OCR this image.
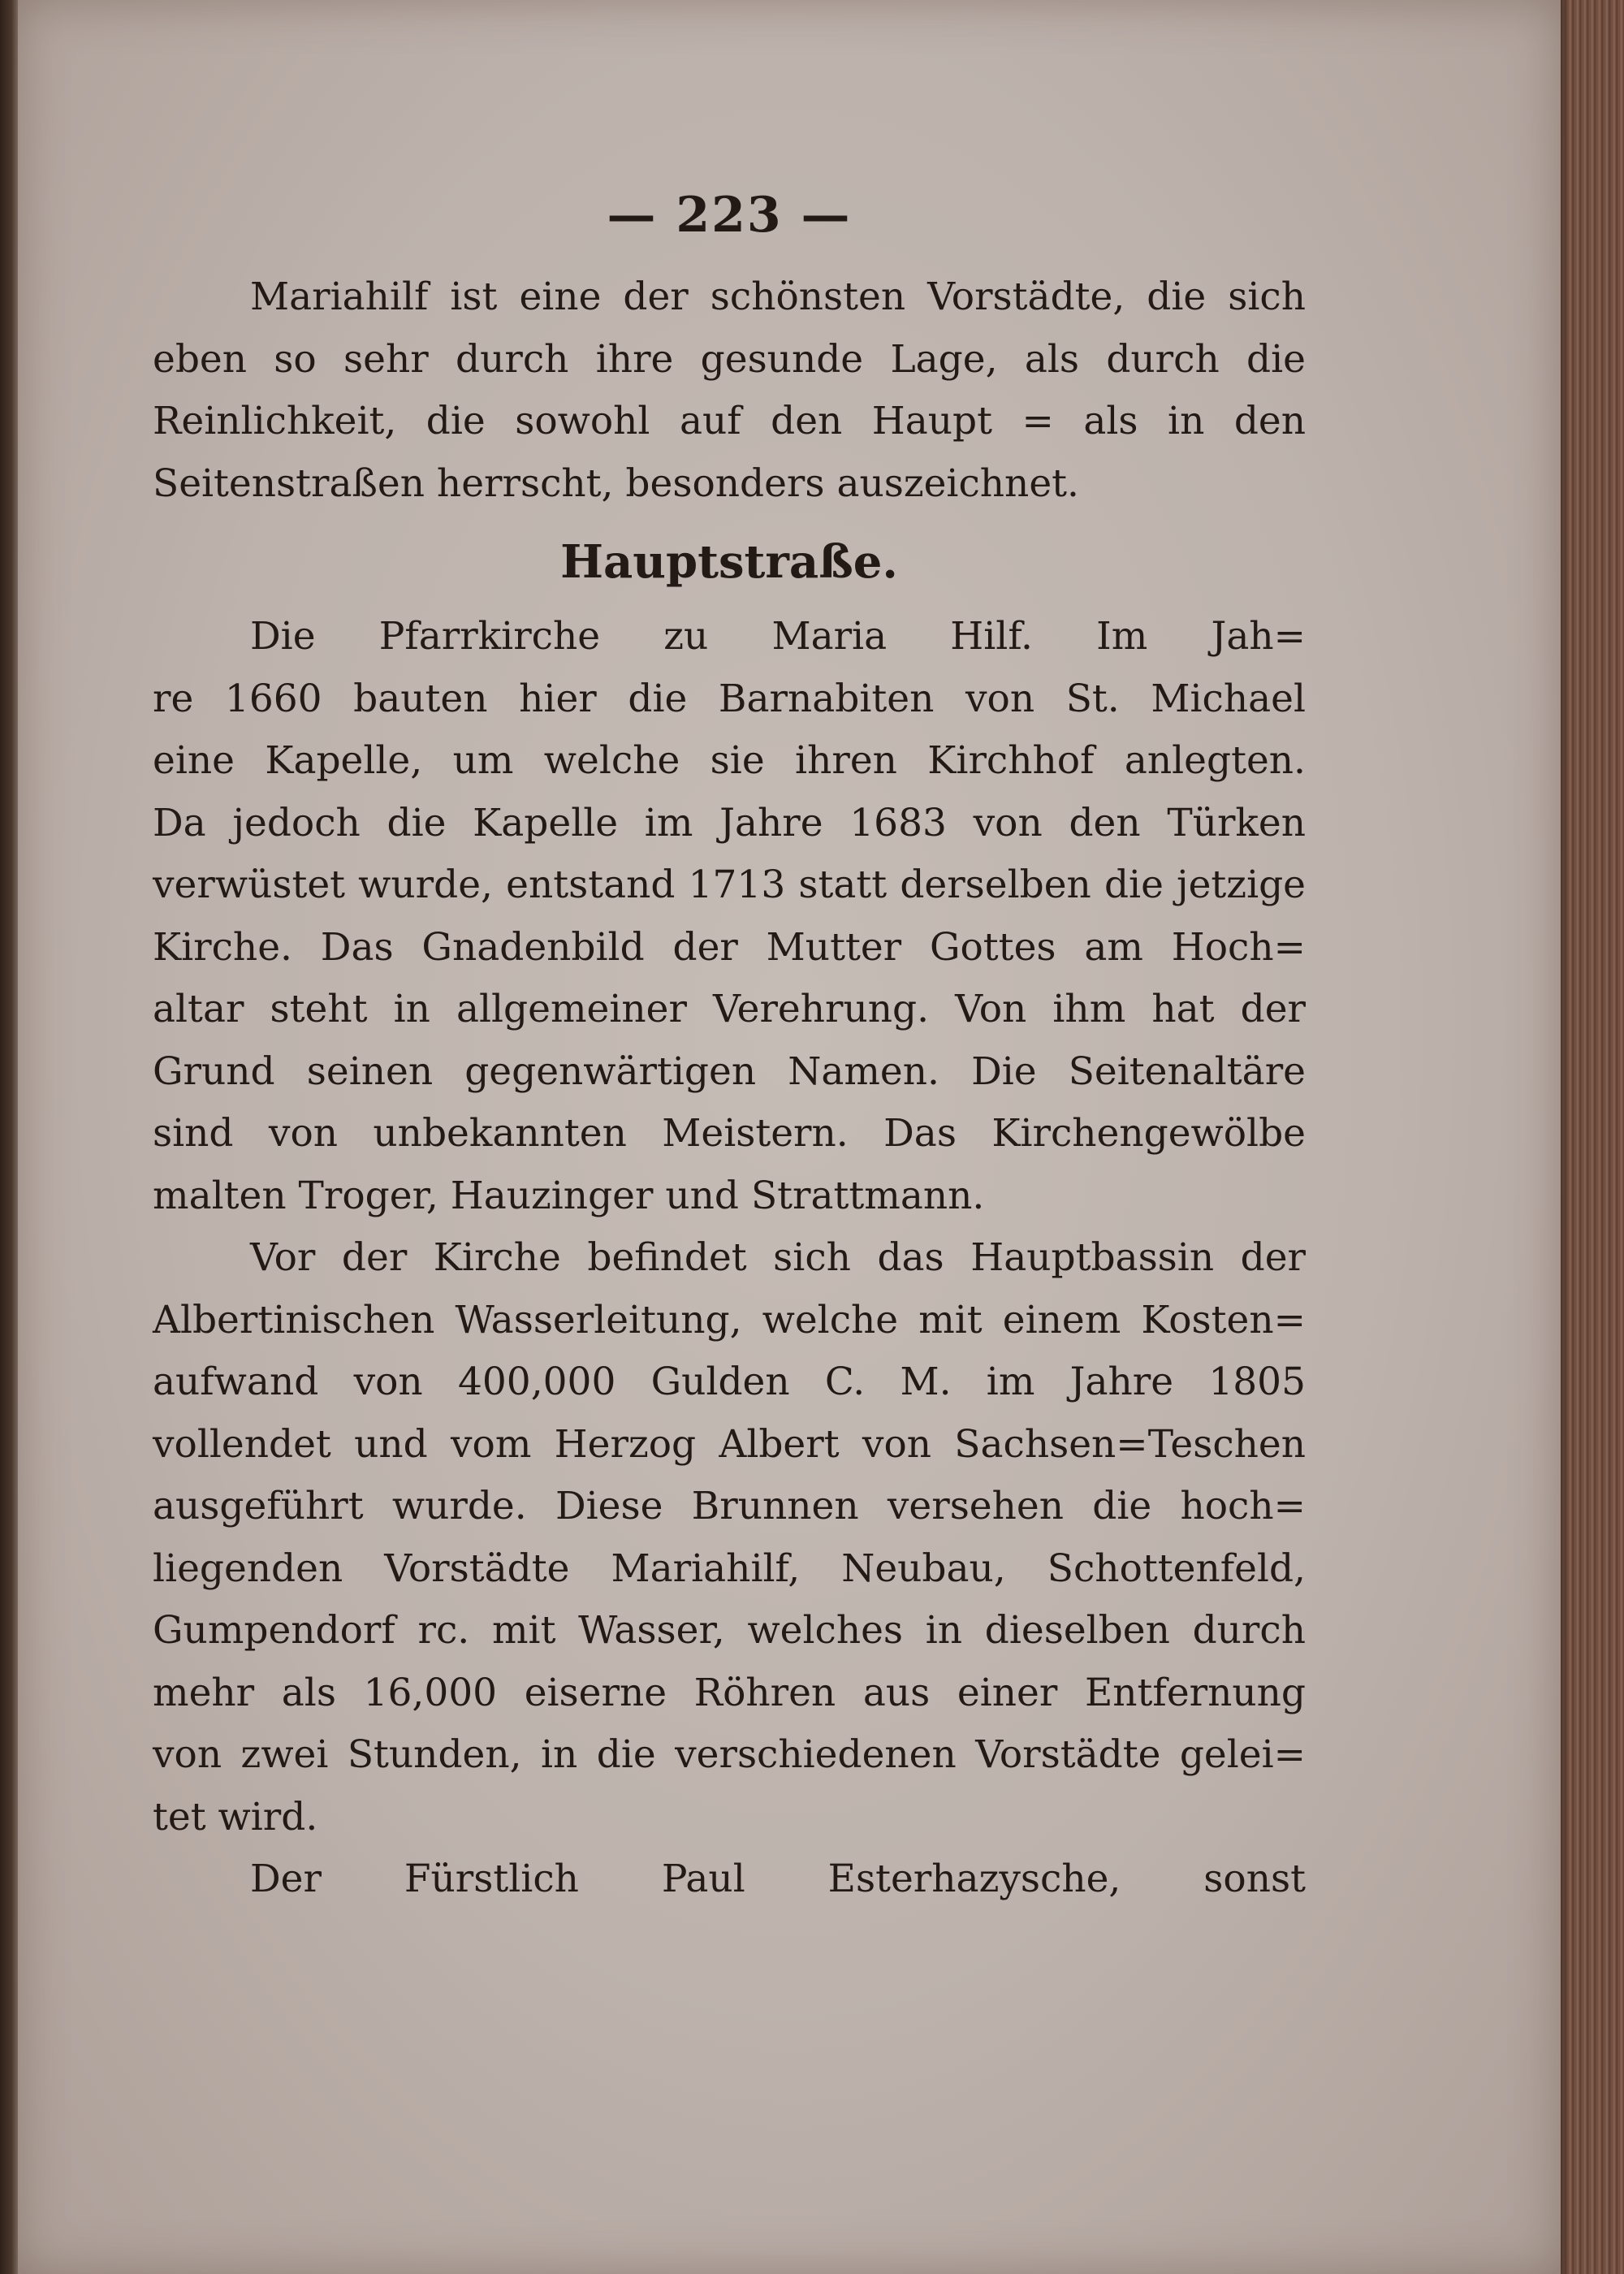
— 223 —
Mariahilf ist eine der schönsten Vorstädte, die sich
eben so sehr durch ihre gesunde Lage, als durch die
Reinlichkeit, die sowohl auf den Haupt = als in den
Seitenstraßen herrscht, besonders auszeichnet.
Hauptstraße.
Die Pfarrkirche zu Maria Hilf. Im Jah=
re 1660 bauten hier die Barnabiten von St. Michael
eine Kapelle, um welche sie ihren Kirchhof anlegten.
Da jedoch die Kapelle im Jahre 1683 von den Türken
verwüstet wurde, entstand 1713 statt derselben die jetzige
Kirche. Das Gnadenbild der Mutter Gottes am Hoch=
altar steht in allgemeiner Verehrung. Von ihm hat der
Grund seinen gegenwärtigen Namen. Die Seitenaltäre
sind von unbekannten Meistern. Das Kirchengewölbe
malten Troger, Hauzinger und Strattmann.
Vor der Kirche befindet sich das Hauptbassin der
Albertinischen Wasserleitung, welche mit einem Kosten=
aufwand von 400,000 Gulden C. M. im Jahre 1805
vollendet und vom Herzog Albert von Sachsen=Teschen
ausgeführt wurde. Diese Brunnen versehen die hoch=
liegenden Vorstädte Mariahilf, Neubau, Schottenfeld,
Gumpendorf rc. mit Wasser, welches in dieselben durch
mehr als 16,000 eiserne Röhren aus einer Entfernung
von zwei Stunden, in die verschiedenen Vorstädte gelei=
tet wird.
Der Fürstlich Paul Esterhazysche, sonst
